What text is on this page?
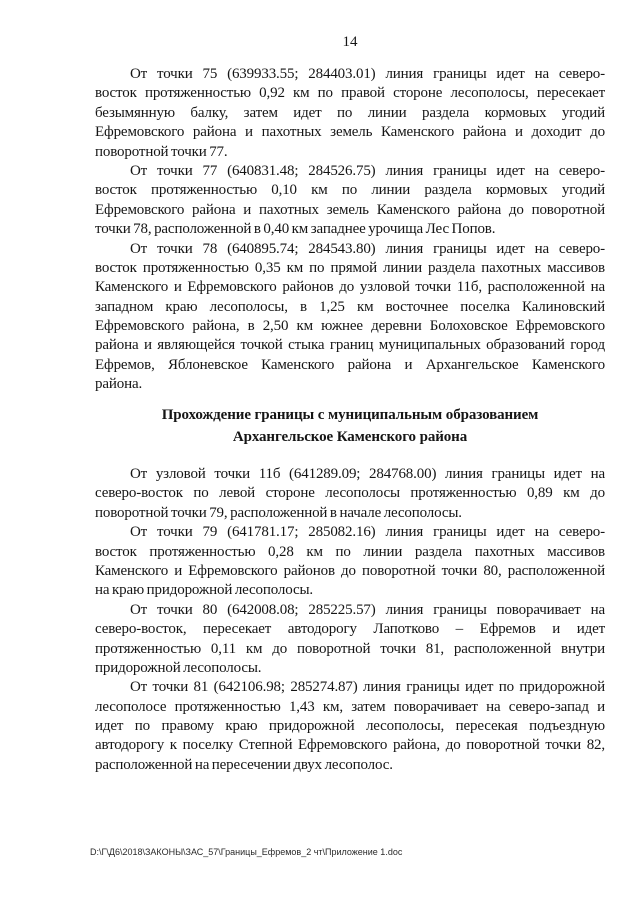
14
От точки 75 (639933.55; 284403.01) линия границы идет на северо-
восток протяженностью 0,92 км по правой стороне лесополосы, пересекает
безымянную балку, затем идет по линии раздела кормовых угодий
Ефремовского района и пахотных земель Каменского района и доходит до
поворотной точки 77.
От точки 77 (640831.48; 284526.75) линия границы идет на северо-
восток протяженностью 0,10 км по линии раздела кормовых угодий
Ефремовского района и пахотных земель Каменского района до поворотной
точки 78, расположенной в 0,40 км западнее урочища Лес Попов.
От точки 78 (640895.74; 284543.80) линия границы идет на северо-
восток протяженностью 0,35 км по прямой линии раздела пахотных массивов
Каменского и Ефремовского районов до узловой точки 11б, расположенной на
западном краю лесополосы, в 1,25 км восточнее поселка Калиновский
Ефремовского района, в 2,50 км южнее деревни Болоховское Ефремовского
района и являющейся точкой стыка границ муниципальных образований город
Ефремов, Яблоневское Каменского района и Архангельское Каменского
района.
Прохождение границы с муниципальным образованием
Архангельское Каменского района
От узловой точки 11б (641289.09; 284768.00) линия границы идет на
северо-восток по левой стороне лесополосы протяженностью 0,89 км до
поворотной точки 79, расположенной в начале лесополосы.
От точки 79 (641781.17; 285082.16) линия границы идет на северо-
восток протяженностью 0,28 км по линии раздела пахотных массивов
Каменского и Ефремовского районов до поворотной точки 80, расположенной
на краю придорожной лесополосы.
От точки 80 (642008.08; 285225.57) линия границы поворачивает на
северо-восток, пересекает автодорогу Лапотково – Ефремов и идет
протяженностью 0,11 км до поворотной точки 81, расположенной внутри
придорожной лесополосы.
От точки 81 (642106.98; 285274.87) линия границы идет по придорожной
лесополосе протяженностью 1,43 км, затем поворачивает на северо-запад и
идет по правому краю придорожной лесополосы, пересекая подъездную
автодорогу к поселку Степной Ефремовского района, до поворотной точки 82,
расположенной на пересечении двух лесополос.
D:\Г\Д6\2018\ЗАКОНЫ\ЗАС_57\Границы_Ефремов_2 чт\Приложение 1.doc
